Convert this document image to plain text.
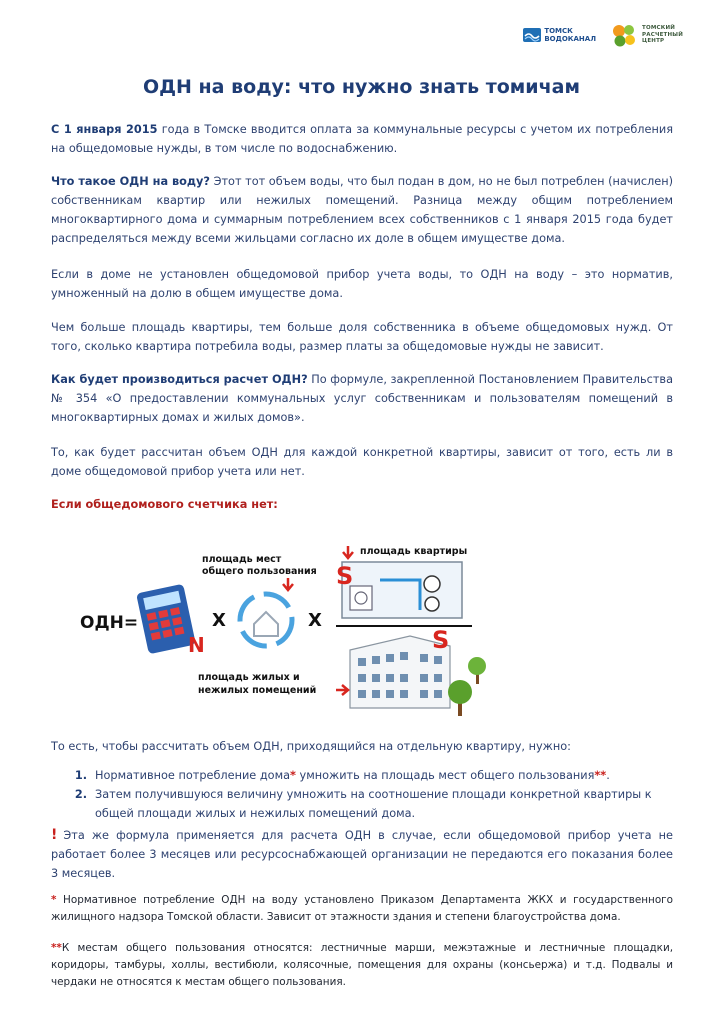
ТОМСК
ВОДОКАНАЛ
ТОМСКИЙ
РАСЧЕТНЫЙ
ЦЕНТР
ОДН на воду: что нужно знать томичам
С 1 января 2015 года в Томске вводится оплата за коммунальные ресурсы с учетом их потребления на общедомовые нужды, в том числе по водоснабжению.
Что такое ОДН на воду? Этот тот объем воды, что был подан в дом, но не был потреблен (начислен) собственникам квартир или нежилых помещений. Разница между общим потреблением многоквартирного дома и суммарным потреблением всех собственников с 1 января 2015 года будет распределяться между всеми жильцами согласно их доле в общем имуществе дома.
Если в доме не установлен общедомовой прибор учета воды, то ОДН на воду – это норматив, умноженный на долю в общем имуществе дома.
Чем больше площадь квартиры, тем больше доля собственника в объеме общедомовых нужд. От того, сколько квартира потребила воды, размер платы за общедомовые нужды не зависит.
Как будет производиться расчет ОДН? По формуле, закрепленной Постановлением Правительства № 354 «О предоставлении коммунальных услуг собственникам и пользователям помещений в многоквартирных домах и жилых домов».
То, как будет рассчитан объем ОДН для каждой конкретной квартиры, зависит от того, есть ли в доме общедомовой прибор учета или нет.
Если общедомового счетчика нет:
ОДН=
N
X
площадь мест
общего пользования
X
площадь квартиры
S
S
площадь жилых и
нежилых помещений
То есть, чтобы рассчитать объем ОДН, приходящийся на отдельную квартиру, нужно:
1. Нормативное потребление дома* умножить на площадь мест общего пользования**.
2. Затем получившуюся величину умножить на соотношение площади конкретной квартиры к общей площади жилых и нежилых помещений дома.
! Эта же формула применяется для расчета ОДН в случае, если общедомовой прибор учета не работает более 3 месяцев или ресурсоснабжающей организации не передаются его показания более 3 месяцев.
* Нормативное потребление ОДН на воду установлено Приказом Департамента ЖКХ и государственного жилищного надзора Томской области. Зависит от этажности здания и степени благоустройства дома.
**К местам общего пользования относятся: лестничные марши, межэтажные и лестничные площадки, коридоры, тамбуры, холлы, вестибюли, колясочные, помещения для охраны (консьержа) и т.д. Подвалы и чердаки не относятся к местам общего пользования.
